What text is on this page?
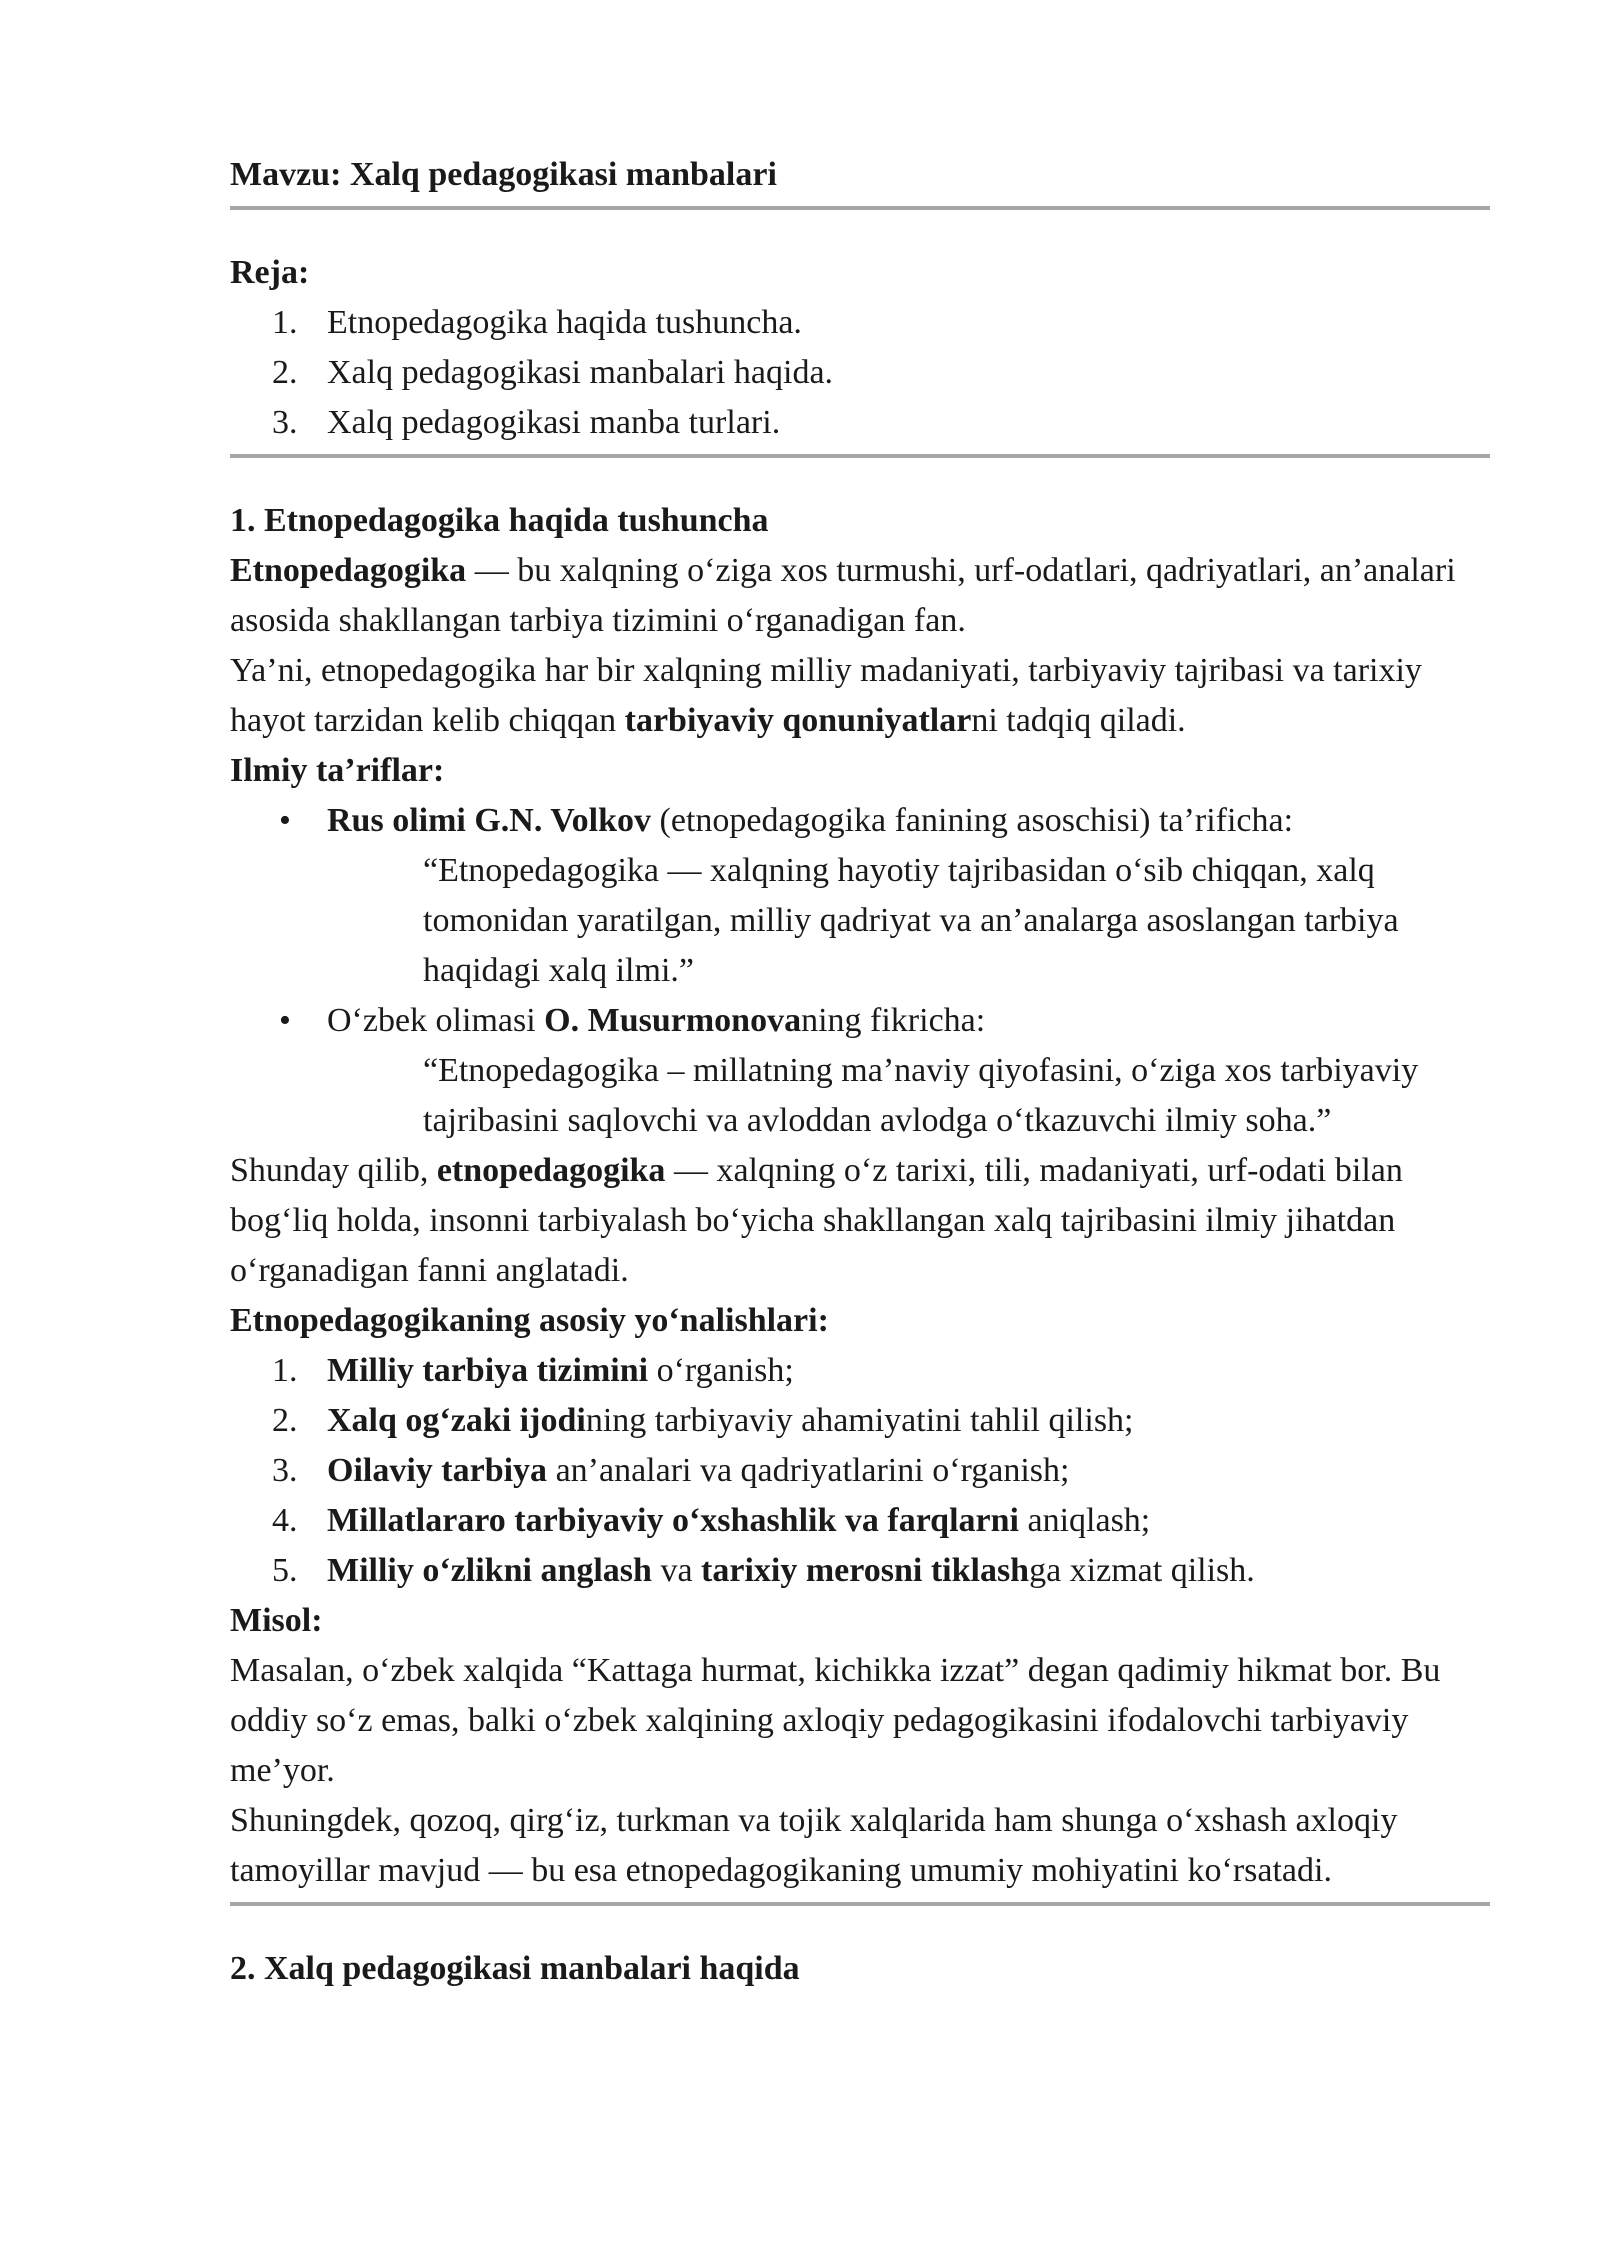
Mavzu: Xalq pedagogikasi manbalari
Reja:
1. Etnopedagogika haqida tushuncha.
2. Xalq pedagogikasi manbalari haqida.
3. Xalq pedagogikasi manba turlari.
1. Etnopedagogika haqida tushuncha

Etnopedagogika — bu xalqning o‘ziga xos turmushi, urf-odatlari, qadriyatlari, an’analari asosida shakllangan tarbiya tizimini o‘rganadigan fan.

Ya’ni, etnopedagogika har bir xalqning milliy madaniyati, tarbiyaviy tajribasi va tarixiy hayot tarzidan kelib chiqqan tarbiyaviy qonuniyatlarni tadqiq qiladi.

Ilmiy ta’riflar:
• Rus olimi G.N. Volkov (etnopedagogika fanining asoschisi) ta’rificha:
“Etnopedagogika — xalqning hayotiy tajribasidan o‘sib chiqqan, xalq tomonidan yaratilgan, milliy qadriyat va an’analarga asoslangan tarbiya haqidagi xalq ilmi.”
• O‘zbek olimasi O. Musurmonovaning fikricha:
“Etnopedagogika – millatning ma’naviy qiyofasini, o‘ziga xos tarbiyaviy tajribasini saqlovchi va avloddan avlodga o‘tkazuvchi ilmiy soha.”

Shunday qilib, etnopedagogika — xalqning o‘z tarixi, tili, madaniyati, urf-odati bilan bog‘liq holda, insonni tarbiyalash bo‘yicha shakllangan xalq tajribasini ilmiy jihatdan o‘rganadigan fanni anglatadi.

Etnopedagogikaning asosiy yo‘nalishlari:
1. Milliy tarbiya tizimini o‘rganish;
2. Xalq og‘zaki ijodining tarbiyaviy ahamiyatini tahlil qilish;
3. Oilaviy tarbiya an’analari va qadriyatlarini o‘rganish;
4. Millatlararo tarbiyaviy o‘xshashlik va farqlarni aniqlash;
5. Milliy o‘zlikni anglash va tarixiy merosni tiklashga xizmat qilish.
Misol:

Masalan, o‘zbek xalqida “Kattaga hurmat, kichikka izzat” degan qadimiy hikmat bor. Bu oddiy so‘z emas, balki o‘zbek xalqining axloqiy pedagogikasini ifodalovchi tarbiyaviy me’yor.

Shuningdek, qozoq, qirg‘iz, turkman va tojik xalqlarida ham shunga o‘xshash axloqiy tamoyillar mavjud — bu esa etnopedagogikaning umumiy mohiyatini ko‘rsatadi.

2. Xalq pedagogikasi manbalari haqida
